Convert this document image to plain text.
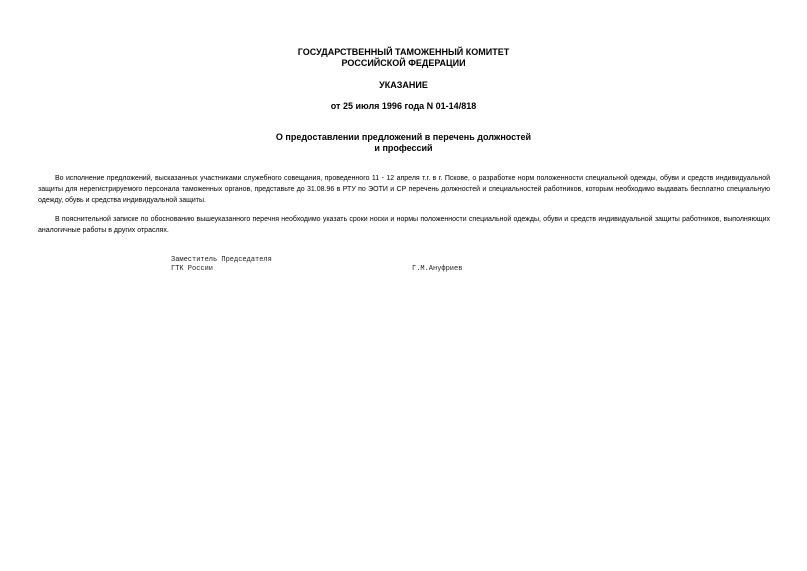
ГОСУДАРСТВЕННЫЙ ТАМОЖЕННЫЙ КОМИТЕТ
РОССИЙСКОЙ ФЕДЕРАЦИИ
УКАЗАНИЕ
от 25 июля 1996 года N 01-14/818
О предоставлении предложений в перечень должностей
и профессий

Во исполнение предложений, высказанных участниками служебного совещания, проведенного 11 - 12 апреля т.г. в г. Пскове, о разработке норм положенности специальной одежды, обуви и средств индивидуальной защиты для нерегистрируемого персонала таможенных органов, представьте до 31.08.96 в РТУ по ЭОТИ и СР перечень должностей и специальностей работников, которым необходимо выдавать бесплатно специальную одежду, обувь и средства индивидуальной защиты.

В пояснительной записке по обоснованию вышеуказанного перечня необходимо указать сроки носки и нормы положенности специальной одежды, обуви и средств индивидуальной защиты работников, выполняющих аналогичные работы в других отраслях.

Заместитель Председателя
ГТК России	Г.М.Ануфриев
